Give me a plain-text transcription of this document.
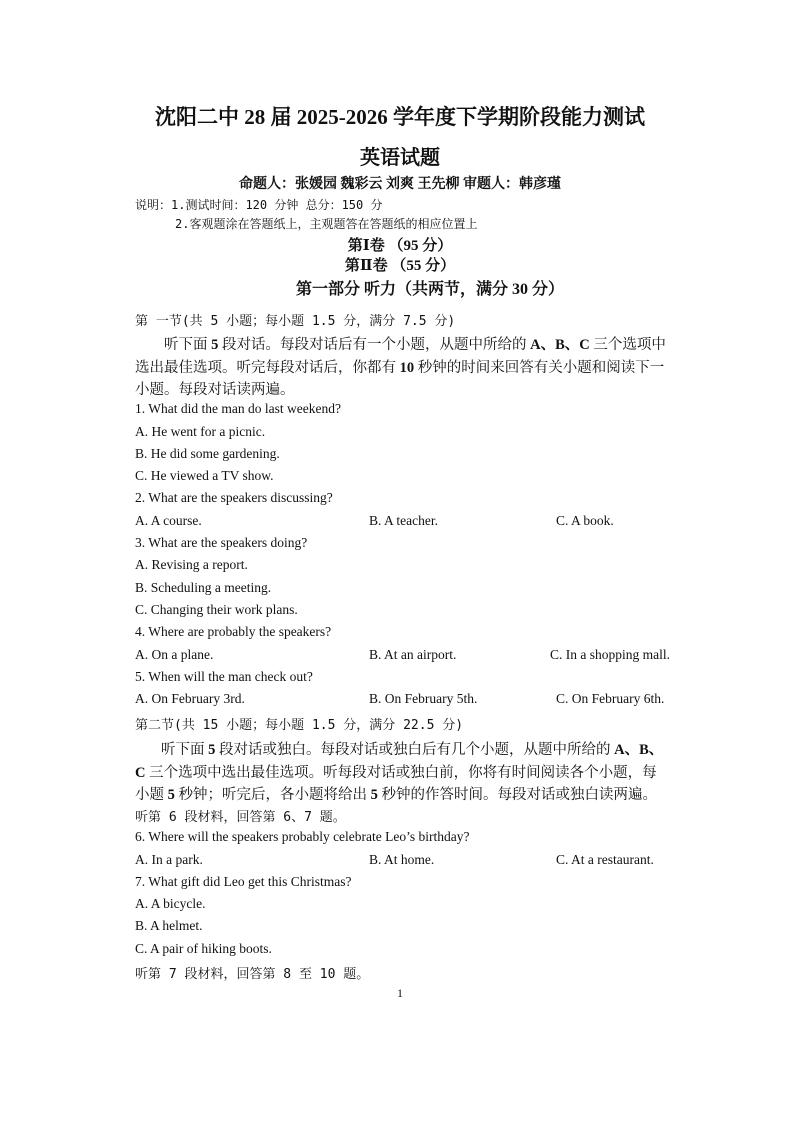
沈阳二中 28 届 2025-2026 学年度下学期阶段能力测试
英语试题
命题人：张媛园 魏彩云 刘爽 王先柳 审题人：韩彦瑾
说明：1.测试时间：120 分钟 总分：150 分
2.客观题涂在答题纸上，主观题答在答题纸的相应位置上
第Ⅰ卷 （95 分）
第Ⅱ卷 （55 分）
第一部分 听力（共两节，满分 30 分）
第 一节(共 5 小题；每小题 1.5 分，满分 7.5 分)
听下面 5 段对话。每段对话后有一个小题，从题中所给的 A、B、C 三个选项中选出最佳选项。听完每段对话后，你都有 10 秒钟的时间来回答有关小题和阅读下一小题。每段对话读两遍。
1. What did the man do last weekend?
A. He went for a picnic.
B. He did some gardening.
C. He viewed a TV show.
2. What are the speakers discussing?
A. A course.	B. A teacher.	C. A book.
3. What are the speakers doing?
A. Revising a report.
B. Scheduling a meeting.
C. Changing their work plans.
4. Where are probably the speakers?
A. On a plane.	B. At an airport.	C. In a shopping mall.
5. When will the man check out?
A. On February 3rd.	B. On February 5th.	C. On February 6th.
第二节(共 15 小题；每小题 1.5 分，满分 22.5 分)
听下面 5 段对话或独白。每段对话或独白后有几个小题，从题中所给的 A、B、C 三个选项中选出最佳选项。听每段对话或独白前，你将有时间阅读各个小题，每小题 5 秒钟；听完后，各小题将给出 5 秒钟的作答时间。每段对话或独白读两遍。
听第 6 段材料，回答第 6、7 题。
6. Where will the speakers probably celebrate Leo’s birthday?
A. In a park.	B. At home.	C. At a restaurant.
7. What gift did Leo get this Christmas?
A. A bicycle.
B. A helmet.
C. A pair of hiking boots.
听第 7 段材料，回答第 8 至 10 题。
1
